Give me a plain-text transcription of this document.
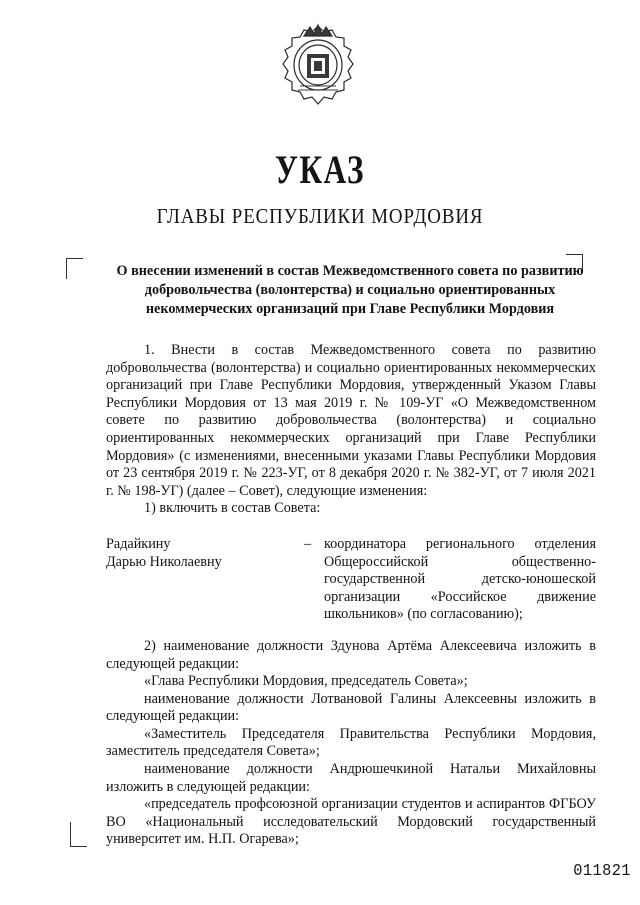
УКАЗ
ГЛАВЫ РЕСПУБЛИКИ МОРДОВИЯ
О внесении изменений в состав Межведомственного совета по развитию добровольчества (волонтерства) и социально ориентированных некоммерческих организаций при Главе Республики Мордовия

1. Внести в состав Межведомственного совета по развитию добровольчества (волонтерства) и социально ориентированных некоммерческих организаций при Главе Республики Мордовия, утвержденный Указом Главы Республики Мордовия от 13 мая 2019 г. № 109-УГ «О Межведомственном совете по развитию добровольчества (волонтерства) и социально ориентированных некоммерческих организаций при Главе Республики Мордовия» (с изменениями, внесенными указами Главы Республики Мордовия от 23 сентября 2019 г. № 223-УГ, от 8 декабря 2020 г. № 382-УГ, от 7 июля 2021 г. № 198-УГ) (далее – Совет), следующие изменения:

1) включить в состав Совета:

Радайкину
Дарью Николаевну
– координатора регионального отделения Общероссийской общественно-государственной детско-юношеской организации «Российское движение школьников» (по согласованию);

2) наименование должности Здунова Артёма Алексеевича изложить в следующей редакции:

«Глава Республики Мордовия, председатель Совета»;

наименование должности Лотвановой Галины Алексеевны изложить в следующей редакции:

«Заместитель Председателя Правительства Республики Мордовия, заместитель председателя Совета»;

наименование должности Андрюшечкиной Натальи Михайловны изложить в следующей редакции:

«председатель профсоюзной организации студентов и аспирантов ФГБОУ ВО «Национальный исследовательский Мордовский государственный университет им. Н.П. Огарева»;

011821
